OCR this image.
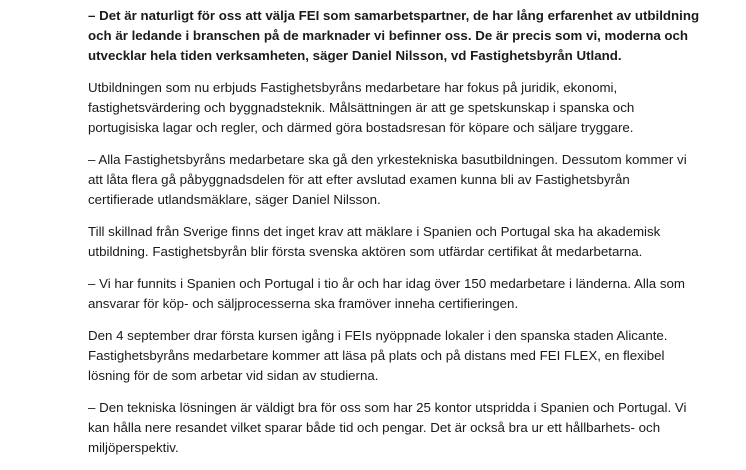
– Det är naturligt för oss att välja FEI som samarbetspartner, de har lång erfarenhet av utbildning
och är ledande i branschen på de marknader vi befinner oss. De är precis som vi, moderna och
utvecklar hela tiden verksamheten, säger Daniel Nilsson, vd Fastighetsbyrån Utland.

Utbildningen som nu erbjuds Fastighetsbyråns medarbetare har fokus på juridik, ekonomi,
fastighetsvärdering och byggnadsteknik. Målsättningen är att ge spetskunskap i spanska och
portugisiska lagar och regler, och därmed göra bostadsresan för köpare och säljare tryggare.

– Alla Fastighetsbyråns medarbetare ska gå den yrkestekniska basutbildningen. Dessutom kommer vi
att låta flera gå påbyggnadsdelen för att efter avslutad examen kunna bli av Fastighetsbyrån
certifierade utlandsmäklare, säger Daniel Nilsson.

Till skillnad från Sverige finns det inget krav att mäklare i Spanien och Portugal ska ha akademisk
utbildning. Fastighetsbyrån blir första svenska aktören som utfärdar certifikat åt medarbetarna.

– Vi har funnits i Spanien och Portugal i tio år och har idag över 150 medarbetare i länderna. Alla som
ansvarar för köp- och säljprocesserna ska framöver inneha certifieringen.

Den 4 september drar första kursen igång i FEIs nyöppnade lokaler i den spanska staden Alicante.
Fastighetsbyråns medarbetare kommer att läsa på plats och på distans med FEI FLEX, en flexibel
lösning för de som arbetar vid sidan av studierna.

– Den tekniska lösningen är väldigt bra för oss som har 25 kontor utspridda i Spanien och Portugal. Vi
kan hålla nere resandet vilket sparar både tid och pengar. Det är också bra ur ett hållbarhets- och
miljöperspektiv.
